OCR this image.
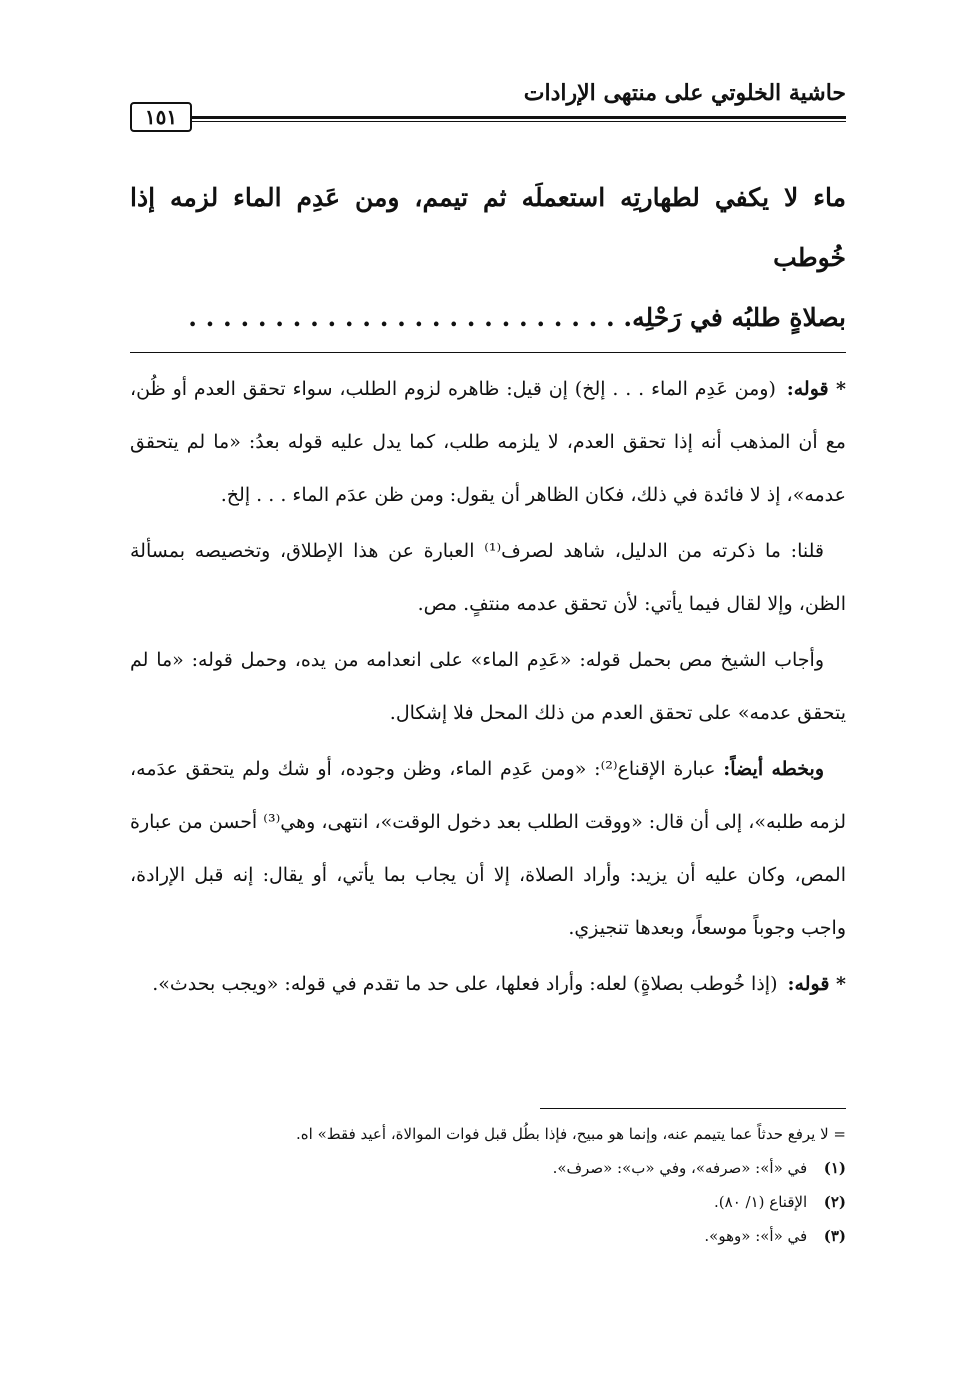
حاشية الخلوتي على منتهى الإرادات
١٥١
ماء لا يكفي لطهارتِه استعملَه ثم تيمم، ومن عَدِم الماء لزمه إذا خُوطب
بصلاةٍ طلبُه في رَحْلِه. . . . . . . . . . . . . . . . . . . . . . . . . .

* قوله: (ومن عَدِم الماء . . . إلخ) إن قيل: ظاهره لزوم الطلب، سواء تحقق العدم أو ظُن، مع أن المذهب أنه إذا تحقق العدم، لا يلزمه طلب، كما يدل عليه قوله بعدُ: «ما لم يتحقق عدمه»، إذ لا فائدة في ذلك، فكان الظاهر أن يقول: ومن ظن عدَم الماء . . . إلخ.

قلنا: ما ذكرته من الدليل، شاهد لصرف⁽¹⁾ العبارة عن هذا الإطلاق، وتخصيصه بمسألة الظن، وإلا لقال فيما يأتي: لأن تحقق عدمه منتفٍ. مص.

وأجاب الشيخ مص بحمل قوله: «عَدِم الماء» على انعدامه من يده، وحمل قوله: «ما لم يتحقق عدمه» على تحقق العدم من ذلك المحل فلا إشكال.

وبخطه أيضاً: عبارة الإقناع⁽²⁾: «ومن عَدِم الماء، وظن وجوده، أو شك ولم يتحقق عدَمه، لزمه طلبه»، إلى أن قال: «ووقت الطلب بعد دخول الوقت»، انتهى، وهي⁽³⁾ أحسن من عبارة المص، وكان عليه أن يزيد: وأراد الصلاة، إلا أن يجاب بما يأتي، أو يقال: إنه قبل الإرادة، واجب وجوباً موسعاً، وبعدها تنجيزي.

* قوله: (إذا خُوطب بصلاةٍ) لعله: وأراد فعلها، على حد ما تقدم في قوله: «ويجب بحدث».

= لا يرفع حدثاً عما يتيمم عنه، وإنما هو مبيح، فإذا بطُل قبل فوات الموالاة، أعيد فقط» اه.
(١) في «أ»: «صرفه»، وفي «ب»: «صرف».
(٢) الإقناع (١/ ٨٠).
(٣) في «أ»: «وهو».
